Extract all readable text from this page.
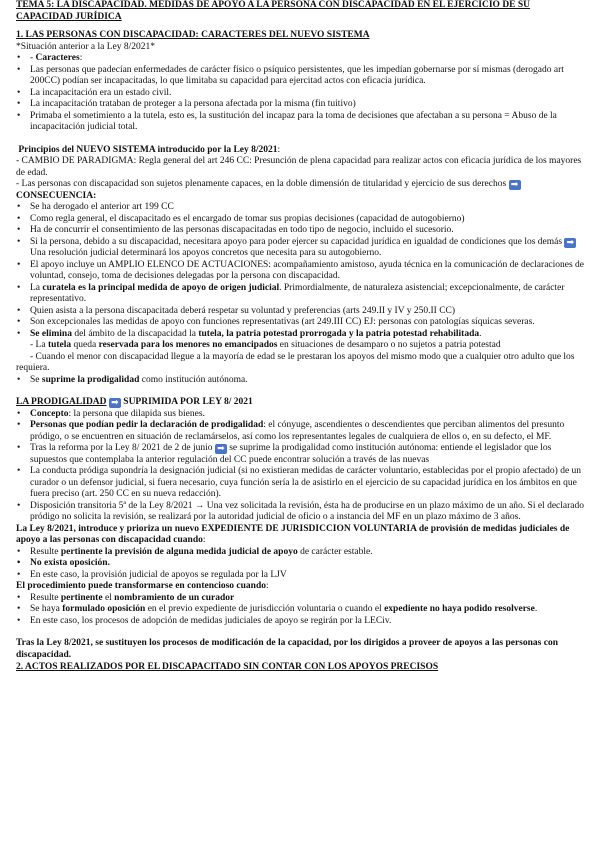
TEMA 5: LA DISCAPACIDAD. MEDIDAS DE APOYO A LA PERSONA CON DISCAPACIDAD EN EL EJERCICIO DE SU CAPACIDAD JURÍDICA

1. LAS PERSONAS CON DISCAPACIDAD: CARACTERES DEL NUEVO SISTEMA

*Situación anterior a la Ley 8/2021*

• - Caracteres:
• Las personas que padecían enfermedades de carácter físico o psíquico persistentes, que les impedían gobernarse por sí mismas (derogado art 200CC) podían ser incapacitadas, lo que limitaba su capacidad para ejercitad actos con eficacia jurídica.
• La incapacitación era un estado civil.
• La incapacitación trataban de proteger a la persona afectada por la misma (fin tuitivo)
• Primaba el sometimiento a la tutela, esto es, la sustitución del incapaz para la toma de decisiones que afectaban a su persona = Abuso de la incapacitación judicial total.

Principios del NUEVO SISTEMA introducido por la Ley 8/2021:

- CAMBIO DE PARADIGMA: Regla general del art 246 CC: Presunción de plena capacidad para realizar actos con eficacia jurídica de los mayores de edad.

- Las personas con discapacidad son sujetos plenamente capaces, en la doble dimensión de titularidad y ejercicio de sus derechos ➡

CONSECUENCIA:

• Se ha derogado el anterior art 199 CC
• Como regla general, el discapacitado es el encargado de tomar sus propias decisiones (capacidad de autogobierno)
• Ha de concurrir el consentimiento de las personas discapacitadas en todo tipo de negocio, incluido el sucesorio.
• Si la persona, debido a su discapacidad, necesitara apoyo para poder ejercer su capacidad jurídica en igualdad de condiciones que los demás ➡ Una resolución judicial determinará los apoyos concretos que necesita para su autogobierno.
• El apoyo incluye un AMPLIO ELENCO DE ACTUACIONES: acompañamiento amistoso, ayuda técnica en la comunicación de declaraciones de voluntad, consejo, toma de decisiones delegadas por la persona con discapacidad.
• La curatela es la principal medida de apoyo de origen judicial. Primordialmente, de naturaleza asistencial; excepcionalmente, de carácter representativo.
• Quien asista a la persona discapacitada deberá respetar su voluntad y preferencias (arts 249.II y IV y 250.II CC)
• Son excepcionales las medidas de apoyo con funciones representativas (art 249.III CC) EJ: personas con patologías síquicas severas.
• Se elimina del ámbito de la discapacidad la tutela, la patria potestad prorrogada y la patria potestad rehabilitada.

- La tutela queda reservada para los menores no emancipados en situaciones de desamparo o no sujetos a patria potestad

- Cuando el menor con discapacidad llegue a la mayoría de edad se le prestaran los apoyos del mismo modo que a cualquier otro adulto que los requiera.

• Se suprime la prodigalidad como institución autónoma.

LA PRODIGALIDAD ➡ SUPRIMIDA POR LEY 8/ 2021

• Concepto: la persona que dilapida sus bienes.
• Personas que podían pedir la declaración de prodigalidad: el cónyuge, ascendientes o descendientes que perciban alimentos del presunto pródigo, o se encuentren en situación de reclamárselos, así como los representantes legales de cualquiera de ellos o, en su defecto, el MF.
• Tras la reforma por la Ley 8/ 2021 de 2 de junio ➡ se suprime la prodigalidad como institución autónoma: entiende el legislador que los supuestos que contemplaba la anterior regulación del CC puede encontrar solución a través de las nuevas
• La conducta pródiga supondría la designación judicial (si no existieran medidas de carácter voluntario, establecidas por el propio afectado) de un curador o un defensor judicial, si fuera necesario, cuya función sería la de asistirlo en el ejercicio de su capacidad jurídica en los ámbitos en que fuera preciso (art. 250 CC en su nueva redacción).
• Disposición transitoria 5ª de la Ley 8/2021 → Una vez solicitada la revisión, ésta ha de producirse en un plazo máximo de un año. Si el declarado pródigo no solicita la revisión, se realizará por la autoridad judicial de oficio o a instancia del MF en un plazo máximo de 3 años.

La Ley 8/2021, introduce y prioriza un nuevo EXPEDIENTE DE JURISDICCION VOLUNTARIA de provisión de medidas judiciales de apoyo a las personas con discapacidad cuando:

• Resulte pertinente la previsión de alguna medida judicial de apoyo de carácter estable.
• No exista oposición.
• En este caso, la provisión judicial de apoyos se regulada por la LJV

El procedimiento puede transformarse en contencioso cuando:

• Resulte pertinente el nombramiento de un curador
• Se haya formulado oposición en el previo expediente de jurisdicción voluntaria o cuando el expediente no haya podido resolverse.
• En este caso, los procesos de adopción de medidas judiciales de apoyo se regirán por la LECiv.

Tras la Ley 8/2021, se sustituyen los procesos de modificación de la capacidad, por los dirigidos a proveer de apoyos a las personas con discapacidad.

2. ACTOS REALIZADOS POR EL DISCAPACITADO SIN CONTAR CON LOS APOYOS PRECISOS
